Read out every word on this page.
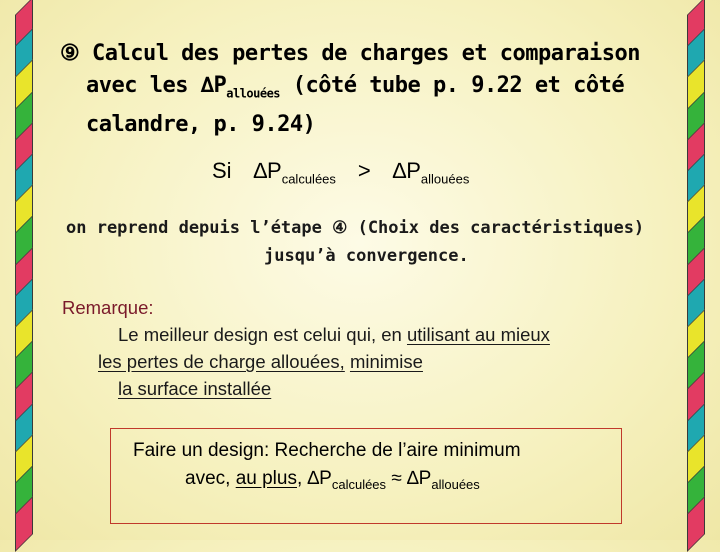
⑨ Calcul des pertes de charges et comparaison
avec les $\Delta P_{allouées}$ (côté tube p. 9.22 et côté
calandre, p. 9.24)
Si $\Delta P_{calculées} > \Delta P_{allouées}$
on reprend depuis l’étape ④ (Choix des caractéristiques)
jusqu’à convergence.
Remarque:
Le meilleur design est celui qui, en utilisant au mieux
les pertes de charge allouées, minimise
la surface installée
Faire un design: Recherche de l’aire minimum
avec, au plus, $\Delta P_{calculées} \approx \Delta P_{allouées}$
